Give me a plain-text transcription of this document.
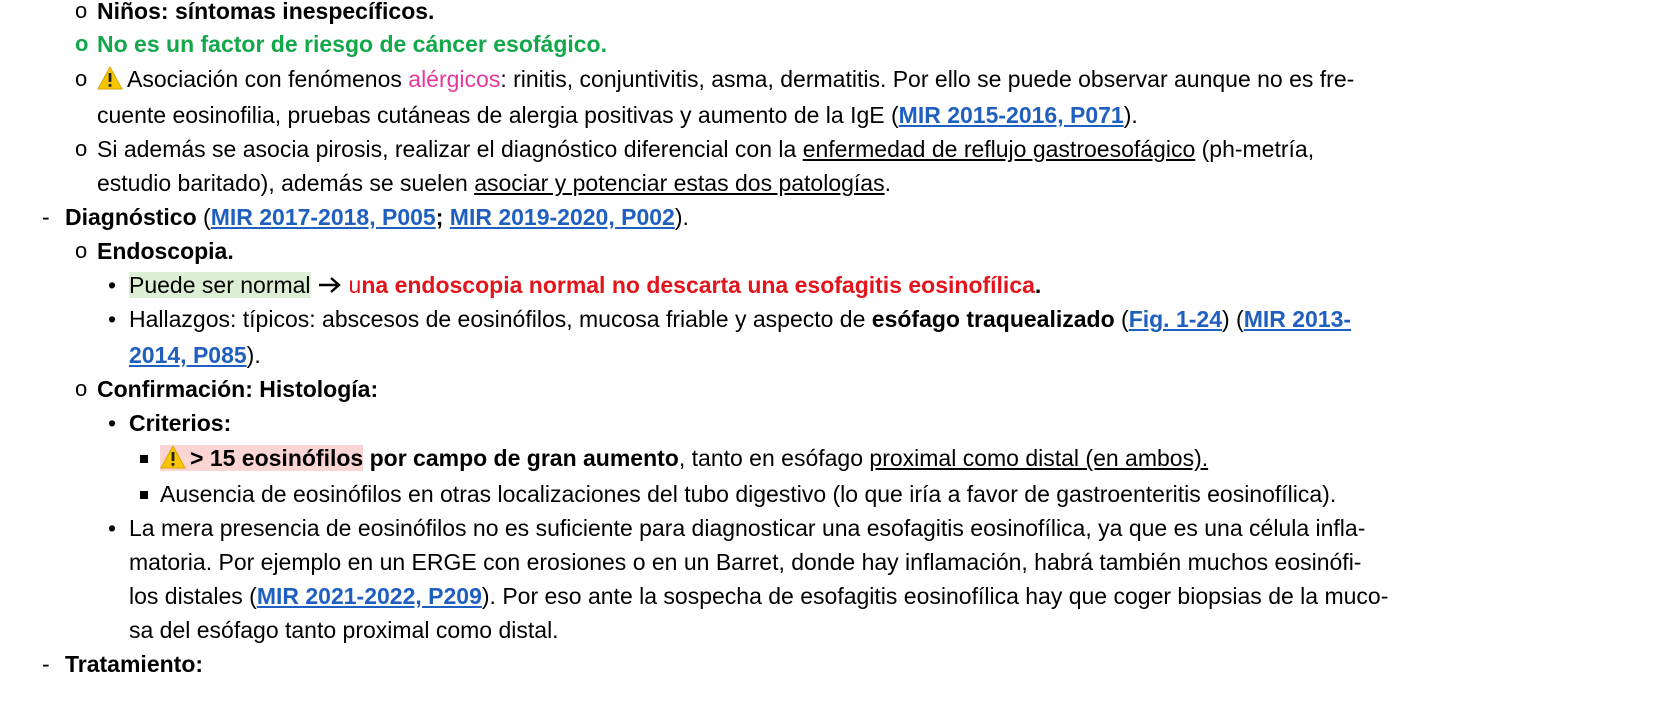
o Niños: síntomas inespecíficos.
o No es un factor de riesgo de cáncer esofágico.
o	Asociación con fenómenos alérgicos: rinitis, conjuntivitis, asma, dermatitis. Por ello se puede observar aunque no es fre-
cuente eosinofilia, pruebas cutáneas de alergia positivas y aumento de la IgE (MIR 2015-2016, P071).
o Si además se asocia pirosis, realizar el diagnóstico diferencial con la enfermedad de reflujo gastroesofágico (ph-metría,
estudio baritado), además se suelen asociar y potenciar estas dos patologías.
- Diagnóstico (MIR 2017-2018, P005; MIR 2019-2020, P002).
o Endoscopia.
• Puede ser normal una endoscopia normal no descarta una esofagitis eosinofílica.
• Hallazgos: típicos: abscesos de eosinófilos, mucosa friable y aspecto de esófago traquealizado (Fig. 1-24) (MIR 2013-
2014, P085).
o Confirmación: Histología:
• Criterios:
> 15 eosinófilos por campo de gran aumento, tanto en esófago proximal como distal (en ambos).
Ausencia de eosinófilos en otras localizaciones del tubo digestivo (lo que iría a favor de gastroenteritis eosinofílica).
• La mera presencia de eosinófilos no es suficiente para diagnosticar una esofagitis eosinofílica, ya que es una célula infla-
matoria. Por ejemplo en un ERGE con erosiones o en un Barret, donde hay inflamación, habrá también muchos eosinófi-
los distales (MIR 2021-2022, P209). Por eso ante la sospecha de esofagitis eosinofílica hay que coger biopsias de la muco-
sa del esófago tanto proximal como distal.
- Tratamiento:
